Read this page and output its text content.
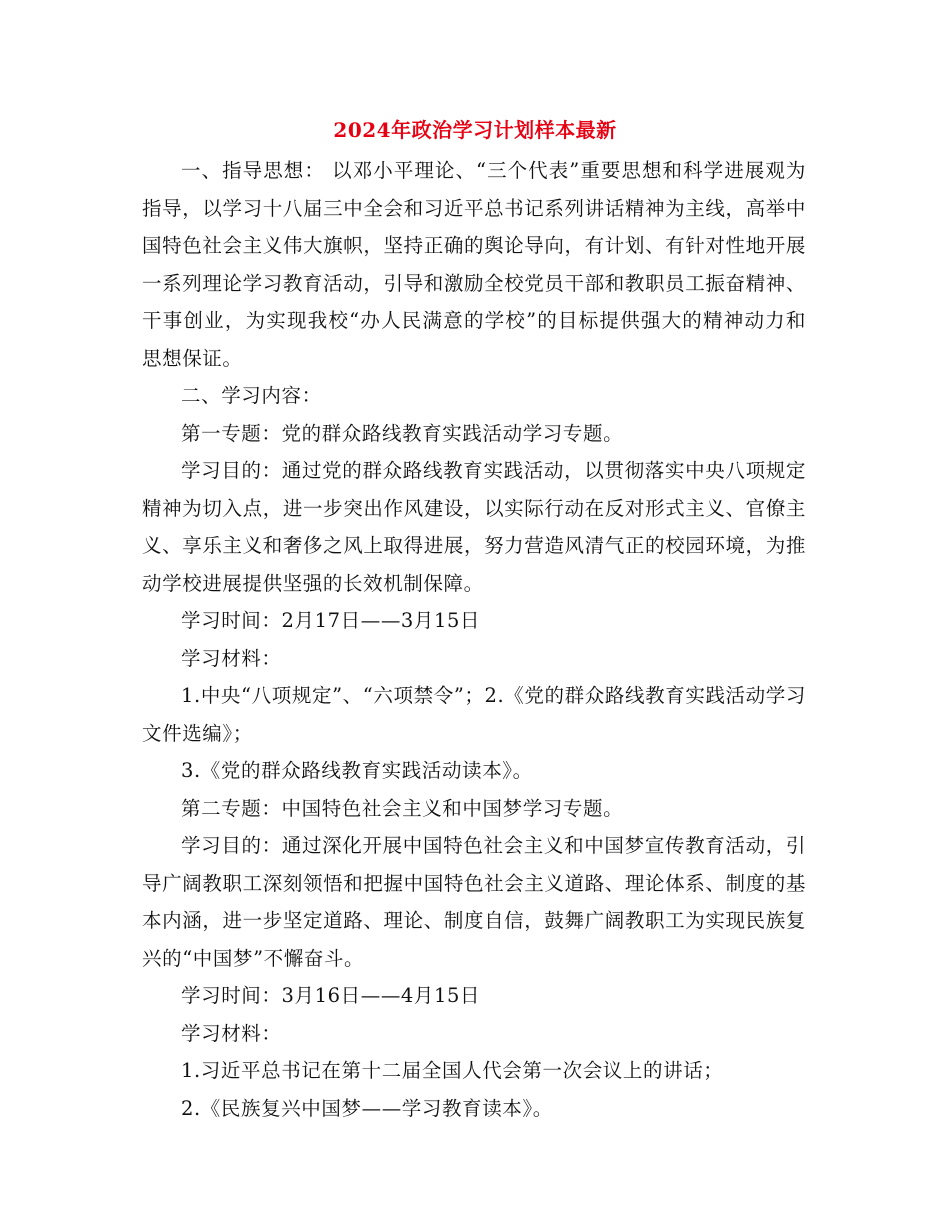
2024年政治学习计划样本最新

一、指导思想： 以邓小平理论、“三个代表”重要思想和科学进展观为指导，以学习十八届三中全会和习近平总书记系列讲话精神为主线，高举中国特色社会主义伟大旗帜，坚持正确的舆论导向，有计划、有针对性地开展一系列理论学习教育活动，引导和激励全校党员干部和教职员工振奋精神、干事创业，为实现我校“办人民满意的学校”的目标提供强大的精神动力和思想保证。

二、学习内容：

第一专题：党的群众路线教育实践活动学习专题。

学习目的：通过党的群众路线教育实践活动，以贯彻落实中央八项规定精神为切入点，进一步突出作风建设，以实际行动在反对形式主义、官僚主义、享乐主义和奢侈之风上取得进展，努力营造风清气正的校园环境，为推动学校进展提供坚强的长效机制保障。

学习时间：2月17日——3月15日

学习材料：

1.中央“八项规定”、“六项禁令”；2.《党的群众路线教育实践活动学习文件选编》；

3.《党的群众路线教育实践活动读本》。

第二专题：中国特色社会主义和中国梦学习专题。

学习目的：通过深化开展中国特色社会主义和中国梦宣传教育活动，引导广阔教职工深刻领悟和把握中国特色社会主义道路、理论体系、制度的基本内涵，进一步坚定道路、理论、制度自信，鼓舞广阔教职工为实现民族复兴的“中国梦”不懈奋斗。

学习时间：3月16日——4月15日

学习材料：

1.习近平总书记在第十二届全国人代会第一次会议上的讲话；

2.《民族复兴中国梦——学习教育读本》。
